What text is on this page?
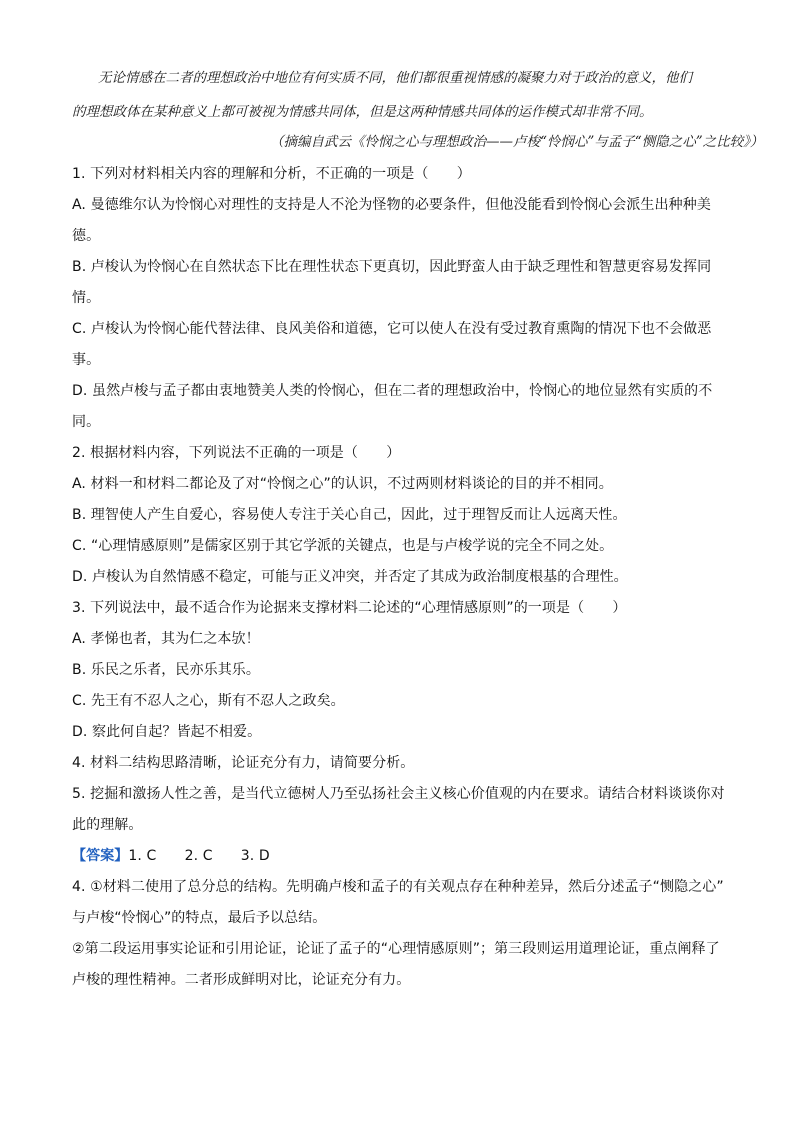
无论情感在二者的理想政治中地位有何实质不同，他们都很重视情感的凝聚力对于政治的意义，他们
的理想政体在某种意义上都可被视为情感共同体，但是这两种情感共同体的运作模式却非常不同。
（摘编自武云《怜悯之心与理想政治——卢梭“怜悯心”与孟子“恻隐之心”之比较》）
1. 下列对材料相关内容的理解和分析，不正确的一项是（　　）
A. 曼德维尔认为怜悯心对理性的支持是人不沦为怪物的必要条件，但他没能看到怜悯心会派生出种种美
德。
B. 卢梭认为怜悯心在自然状态下比在理性状态下更真切，因此野蛮人由于缺乏理性和智慧更容易发挥同
情。
C. 卢梭认为怜悯心能代替法律、良风美俗和道德，它可以使人在没有受过教育熏陶的情况下也不会做恶
事。
D. 虽然卢梭与孟子都由衷地赞美人类的怜悯心，但在二者的理想政治中，怜悯心的地位显然有实质的不
同。
2. 根据材料内容，下列说法不正确的一项是（　　）
A. 材料一和材料二都论及了对“怜悯之心”的认识，不过两则材料谈论的目的并不相同。
B. 理智使人产生自爱心，容易使人专注于关心自己，因此，过于理智反而让人远离天性。
C. “心理情感原则”是儒家区别于其它学派的关键点，也是与卢梭学说的完全不同之处。
D. 卢梭认为自然情感不稳定，可能与正义冲突，并否定了其成为政治制度根基的合理性。
3. 下列说法中，最不适合作为论据来支撑材料二论述的“心理情感原则”的一项是（　　）
A. 孝悌也者，其为仁之本欤！
B. 乐民之乐者，民亦乐其乐。
C. 先王有不忍人之心，斯有不忍人之政矣。
D. 察此何自起？皆起不相爱。
4. 材料二结构思路清晰，论证充分有力，请简要分析。
5. 挖掘和激扬人性之善，是当代立德树人乃至弘扬社会主义核心价值观的内在要求。请结合材料谈谈你对
此的理解。
【答案】1. C　　2. C　　3. D
4. ①材料二使用了总分总的结构。先明确卢梭和孟子的有关观点存在种种差异，然后分述孟子“恻隐之心”
与卢梭“怜悯心”的特点，最后予以总结。
②第二段运用事实论证和引用论证，论证了孟子的“心理情感原则”；第三段则运用道理论证，重点阐释了
卢梭的理性精神。二者形成鲜明对比，论证充分有力。
